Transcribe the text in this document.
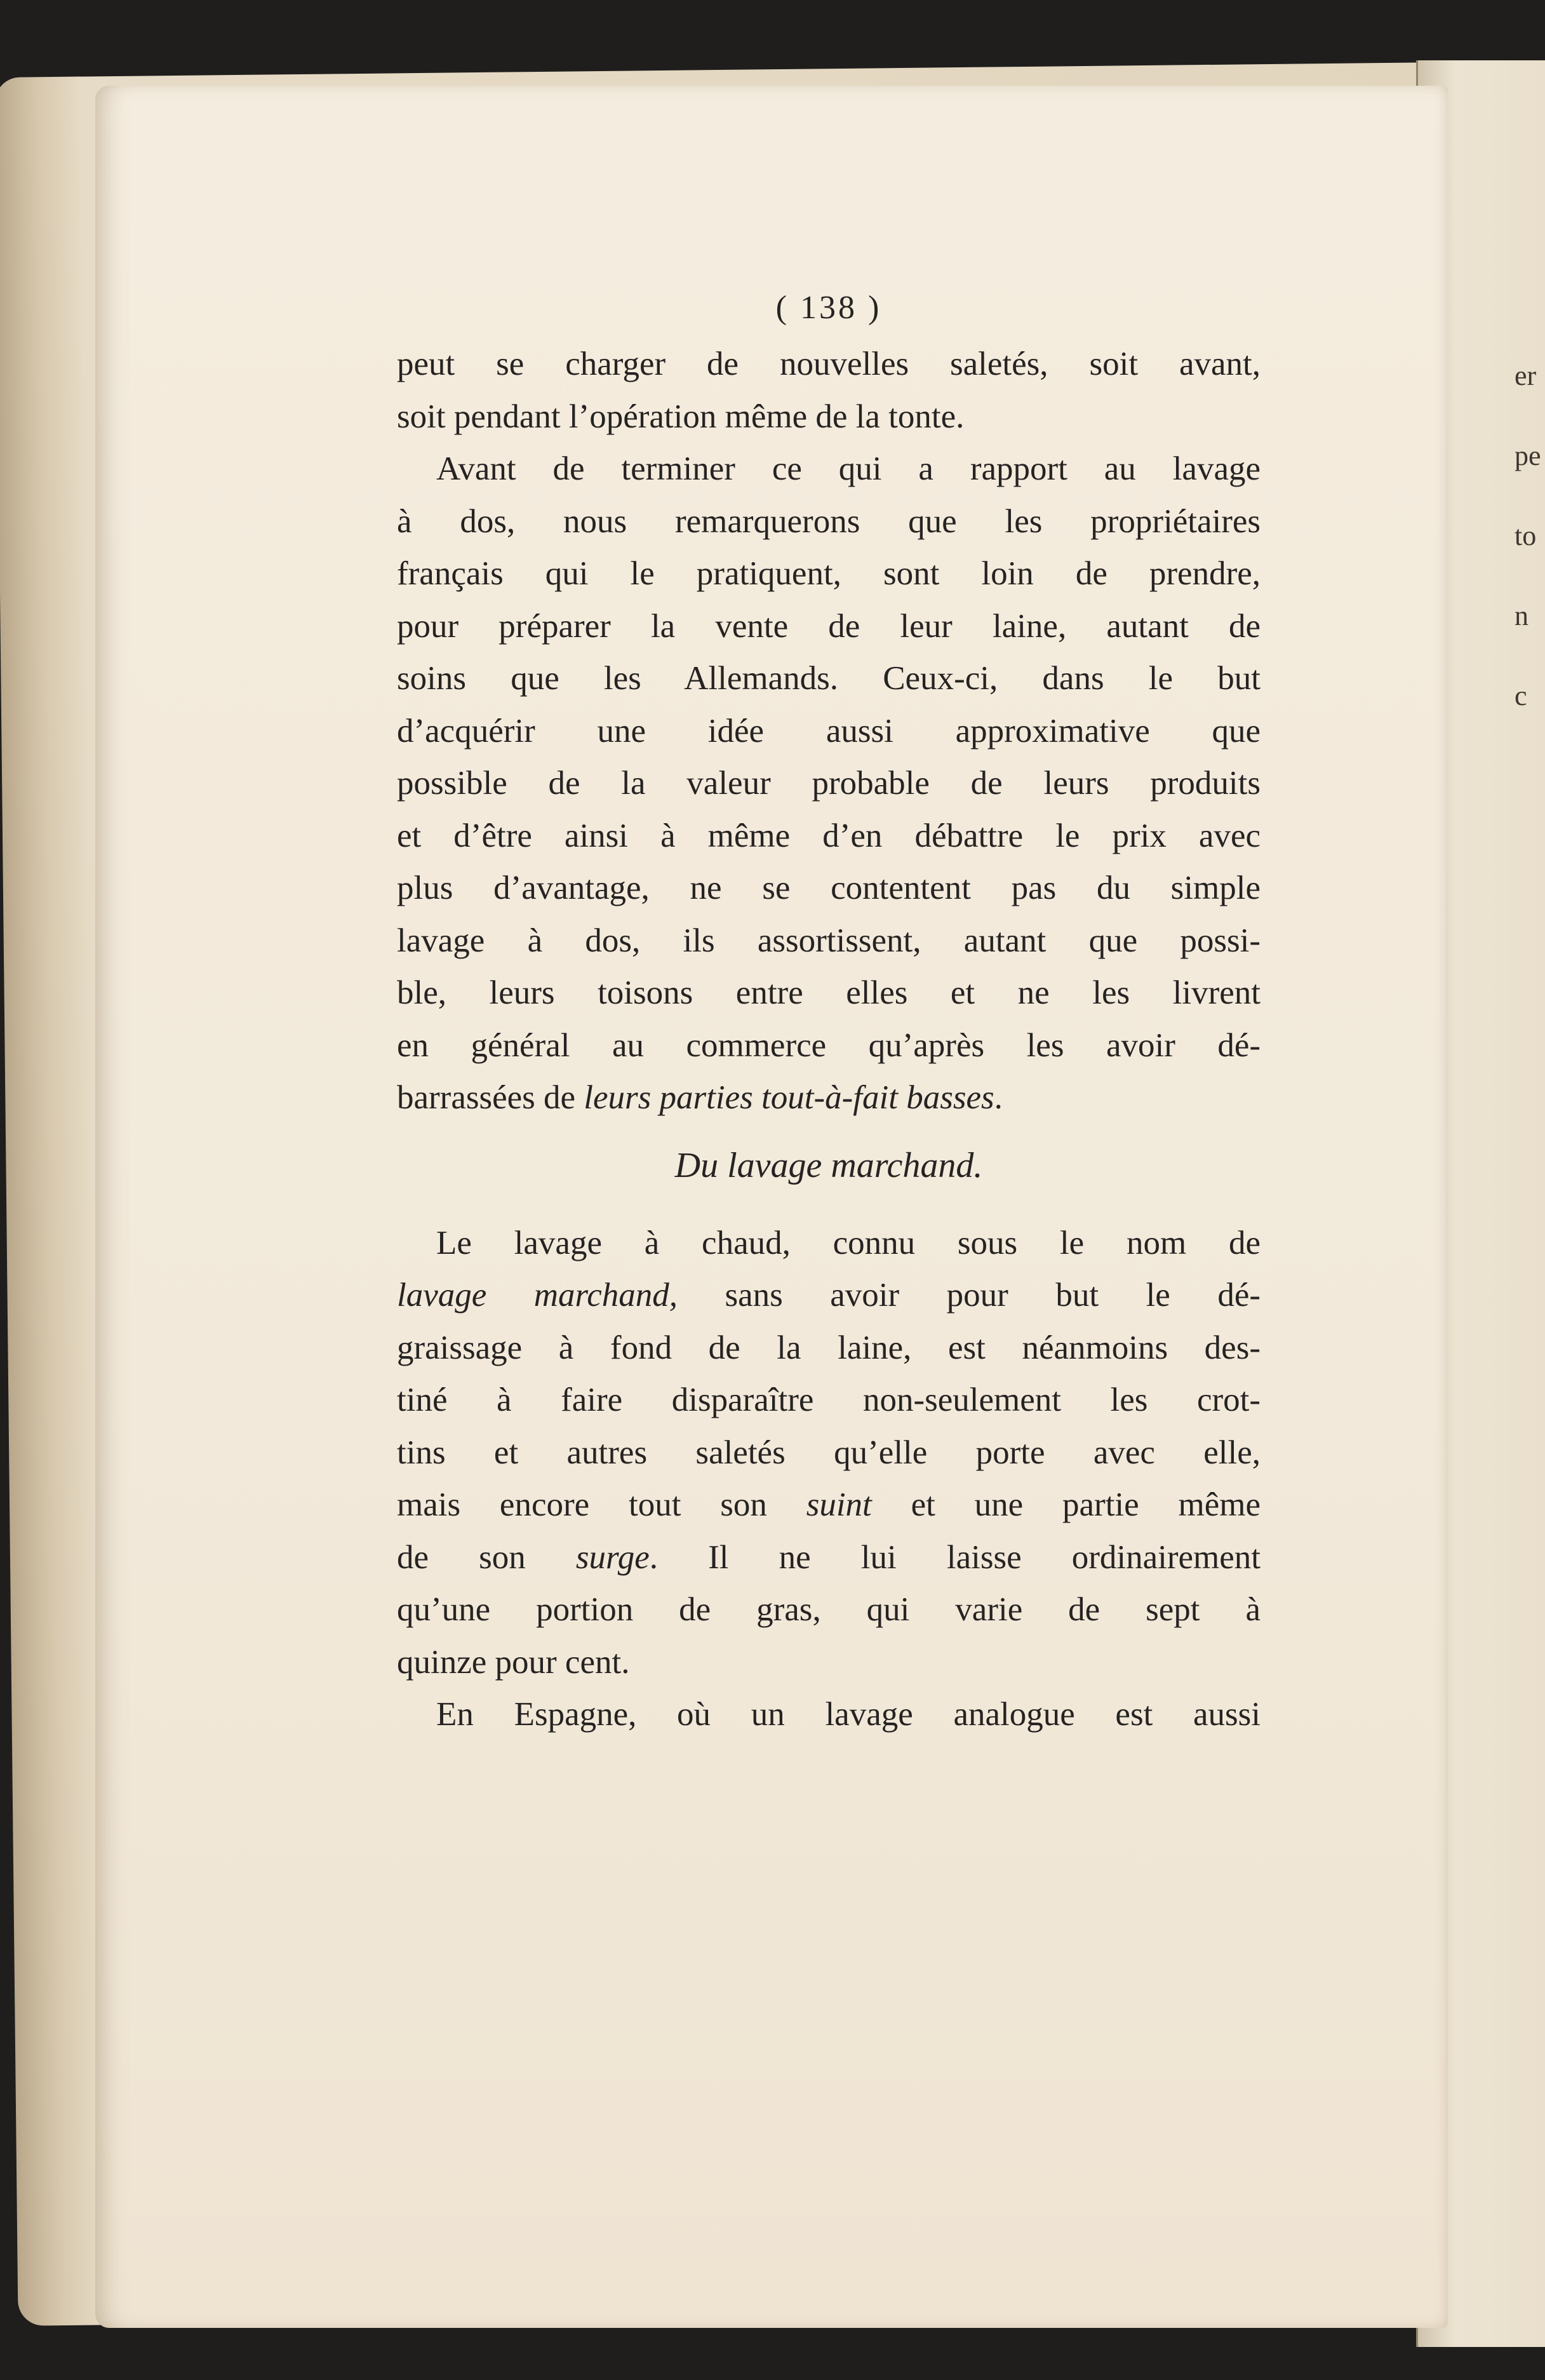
er
pe
to
n
c
( 138 )

peut se charger de nouvelles saletés, soit avant,
soit pendant l’opération même de la tonte.

Avant de terminer ce qui a rapport au lavage
à dos, nous remarquerons que les propriétaires
français qui le pratiquent, sont loin de prendre,
pour préparer la vente de leur laine, autant de
soins que les Allemands. Ceux-ci, dans le but
d’acquérir une idée aussi approximative que
possible de la valeur probable de leurs produits
et d’être ainsi à même d’en débattre le prix avec
plus d’avantage, ne se contentent pas du simple
lavage à dos, ils assortissent, autant que possi-
ble, leurs toisons entre elles et ne les livrent
en général au commerce qu’après les avoir dé-
barrassées de leurs parties tout-à-fait basses.

Du lavage marchand.

Le lavage à chaud, connu sous le nom de
lavage marchand, sans avoir pour but le dé-
graissage à fond de la laine, est néanmoins des-
tiné à faire disparaître non-seulement les crot-
tins et autres saletés qu’elle porte avec elle,
mais encore tout son suint et une partie même
de son surge. Il ne lui laisse ordinairement
qu’une portion de gras, qui varie de sept à
quinze pour cent.

En Espagne, où un lavage analogue est aussi
